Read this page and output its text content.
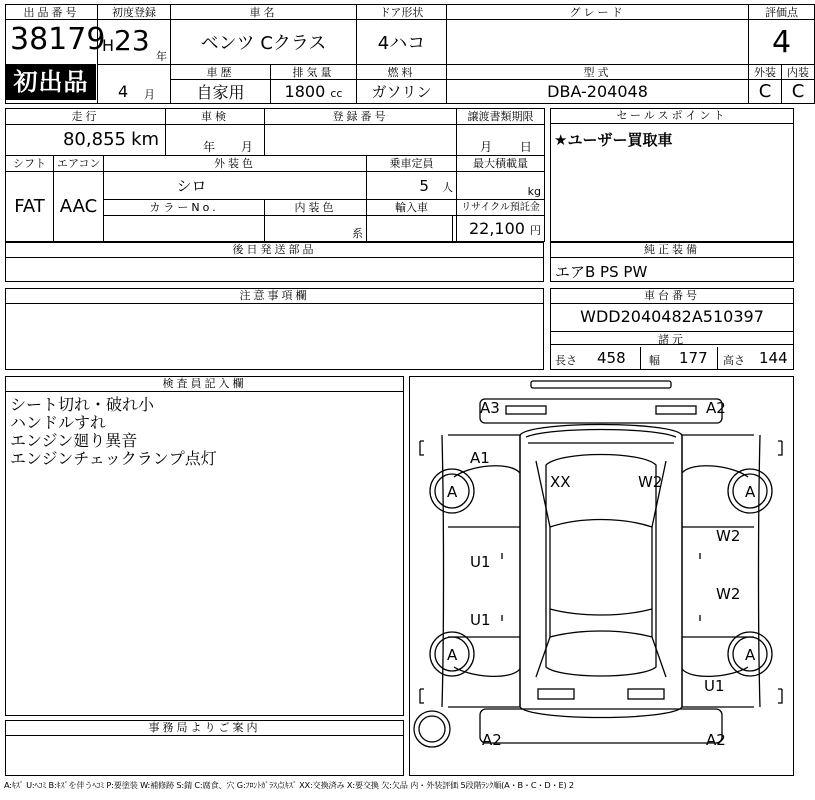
出品番号	初度登録	車名		ドア形状	グレード	評価点	

38179	H 23 年	ベンツ Cクラス		4ハコ		4	
		車歴	排気量	燃料	型式	外装	内装

	4 月	自家用	1800 cc	ガソリン	DBA-204048	C	C
初出品
走行			車検	登録番号			譲渡書類期限
80,855 km			年 月				月 日
シフト	エアコン	外装色			乗車定員		最大積載量
FAT	AAC	シロ			5 人		kg
		カラーNo.		内装色	輸入車		リサイクル預託金
				系			22,100 円
セールスポイント
★ユーザー買取車
後日発送部品	純正装備
エアB PS PW
注意事項欄	車台番号
WDD2040482A510397
諸元
長さ 458 幅 177 高さ 144
検査員記入欄
シート切れ・破れ小
ハンドルすれ
エンジン廻り異音
エンジンチェックランプ点灯
事務局よりご案内
A3	A2
A1
XX	W2
A	A
U1
W2
W2
U1
A	A
U1
A2	A2
A:ｷｽﾞ U:ﾍｺﾐ B:ｷｽﾞを伴うﾍｺﾐ P:要塗装 W:補修跡 S:錆 C:腐食、穴 G:ﾌﾛﾝﾄｶﾞﾗｽ点ｷｽﾞ XX:交換済み X:要交換 欠:欠品 内・外装評価 5段階ﾗﾝｸ順(A・B・C・D・E) 2
